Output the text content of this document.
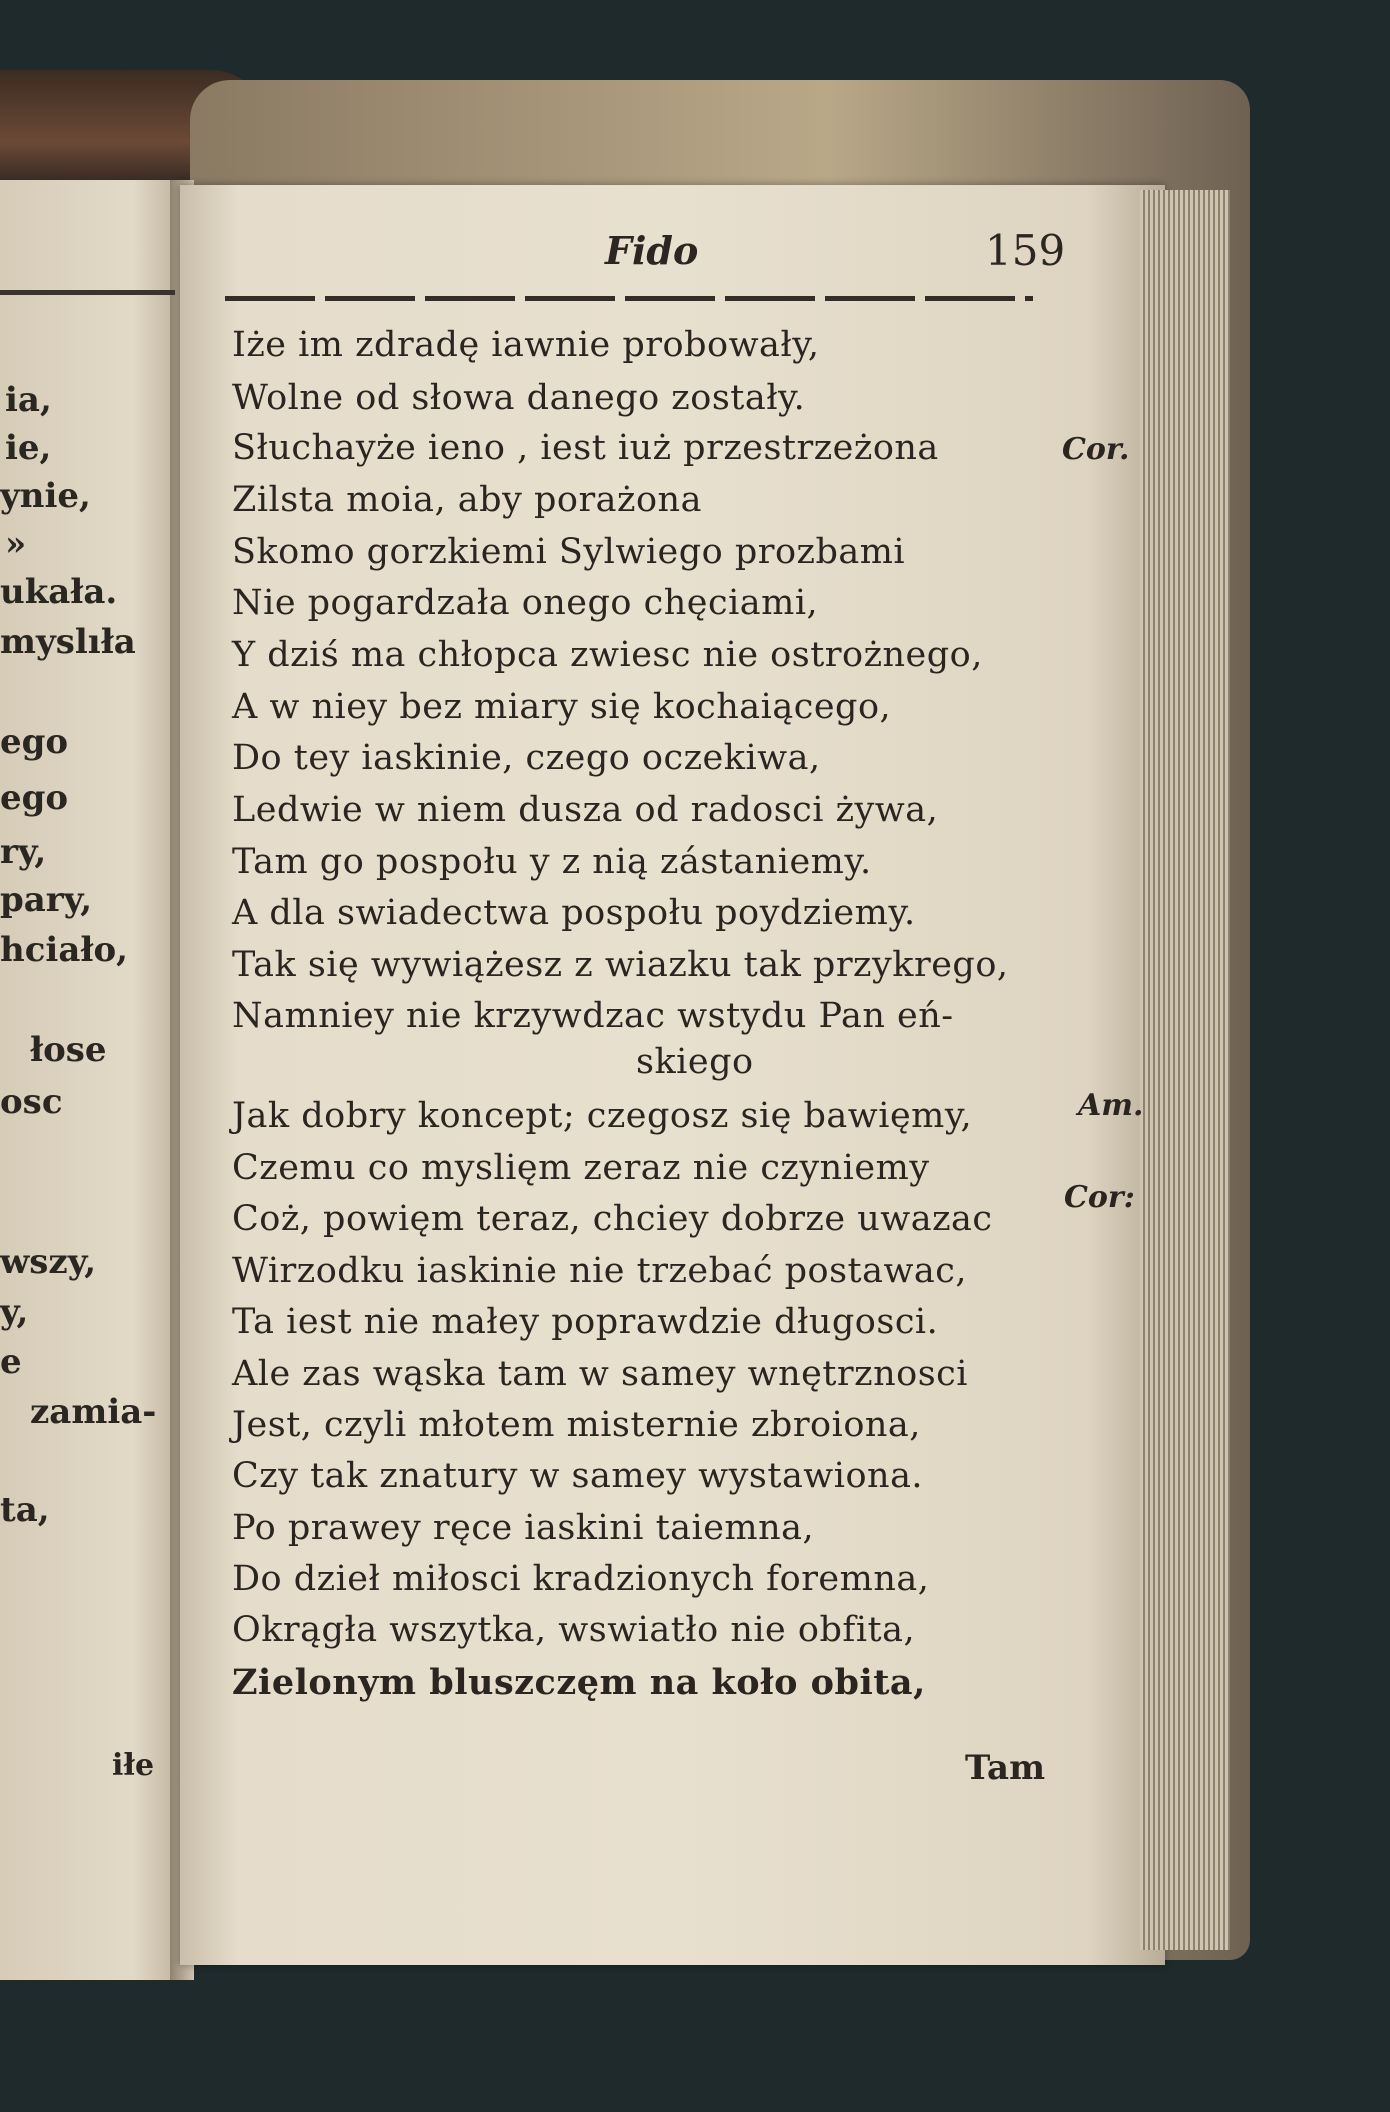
ia,
ie,
ynie,
»
ukała.
myslıła
ego
ego
ry,
pary,
hciało,
łose
osc
wszy,
y,
e
zamia-
ta,
iłe
Fido	159
Iże im zdradę iawnie probowały,
Wolne od słowa danego zostały.
Słuchayże ieno , iest iuż przestrzeżona
Zilsta moia, aby porażona
Skomo gorzkiemi Sylwiego prozbami
Nie pogardzała onego chęciami,
Y dziś ma chłopca zwiesc nie ostrożnego,
A w niey bez miary się kochaiącego,
Do tey iaskinie, czego oczekiwa,
Ledwie w niem dusza od radosci żywa,
Tam go pospołu y z nią zástaniemy.
A dla swiadectwa pospołu poydziemy.
Tak się wywiążesz z wiazku tak przykrego,
Namniey nie krzywdzac wstydu Pan eń-
skiego
Jak dobry koncept; czegosz się bawięmy,
Czemu co myslięm zeraz nie czyniemy
Coż, powięm teraz, chciey dobrze uwazac
Wirzodku iaskinie nie trzebać postawac,
Ta iest nie małey poprawdzie długosci.
Ale zas wąska tam w samey wnętrznosci
Jest, czyli młotem misternie zbroiona,
Czy tak znatury w samey wystawiona.
Po prawey ręce iaskini taiemna,
Do dzieł miłosci kradzionych foremna,
Okrągła wszytka, wswiatło nie obfita,
Zielonym bluszczęm na koło obita,
Cor.
Am.
Cor:
Tam
